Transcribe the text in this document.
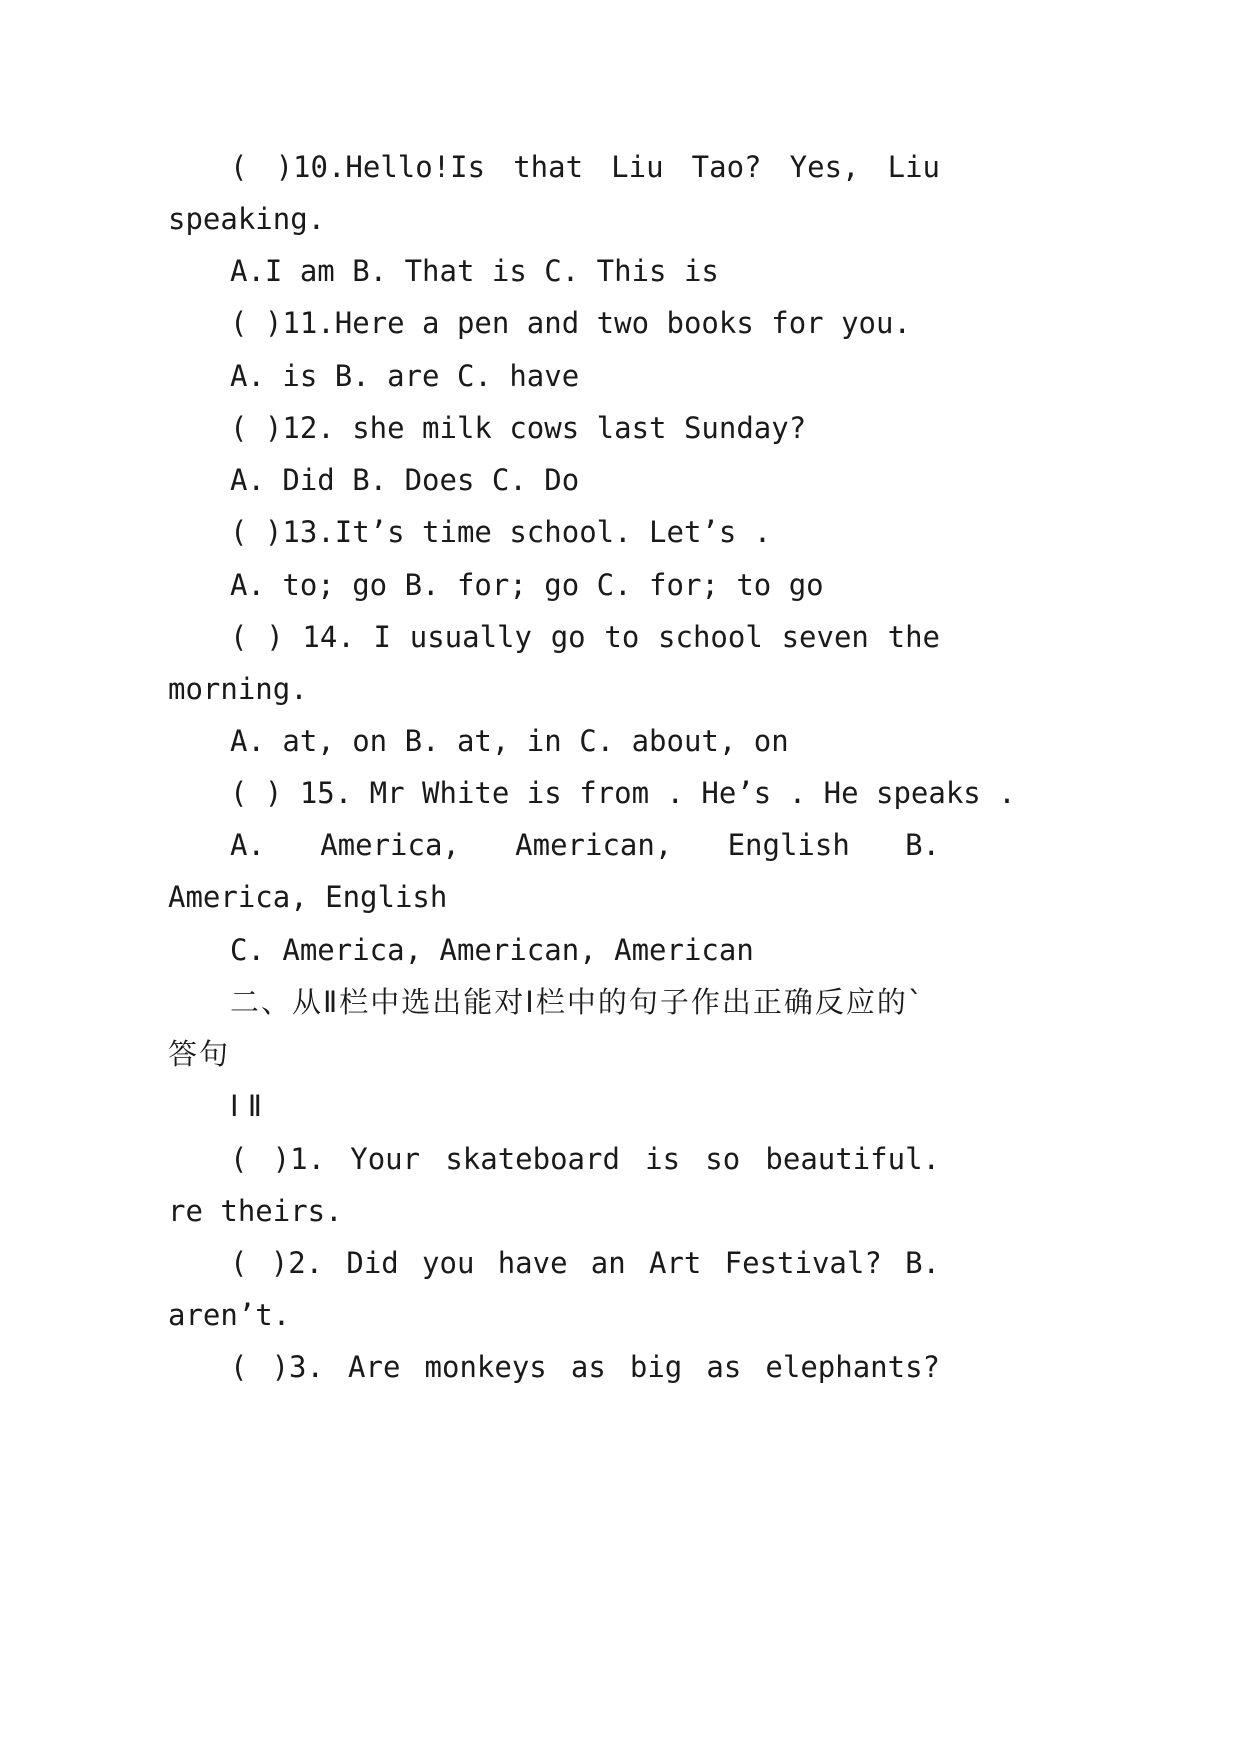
( )10.Hello!Is that Liu Tao? Yes, Liu
speaking.
A.I am B. That is C. This is
( )11.Here a pen and two books for you.
A. is B. are C. have
( )12. she milk cows last Sunday?
A. Did B. Does C. Do
( )13.It’s time school. Let’s .
A. to; go B. for; go C. for; to go
( ) 14. I usually go to school seven the
morning.
A. at, on B. at, in C. about, on
( ) 15. Mr White is from . He’s . He speaks .
A. America, American, English B.
America, English
C. America, American, American
二、从Ⅱ栏中选出能对Ⅰ栏中的句子作出正确反应的`
答句
Ⅰ Ⅱ
( )1. Your skateboard is so beautiful.
re theirs.
( )2. Did you have an Art Festival? B.
aren’t.
( )3. Are monkeys as big as elephants?
